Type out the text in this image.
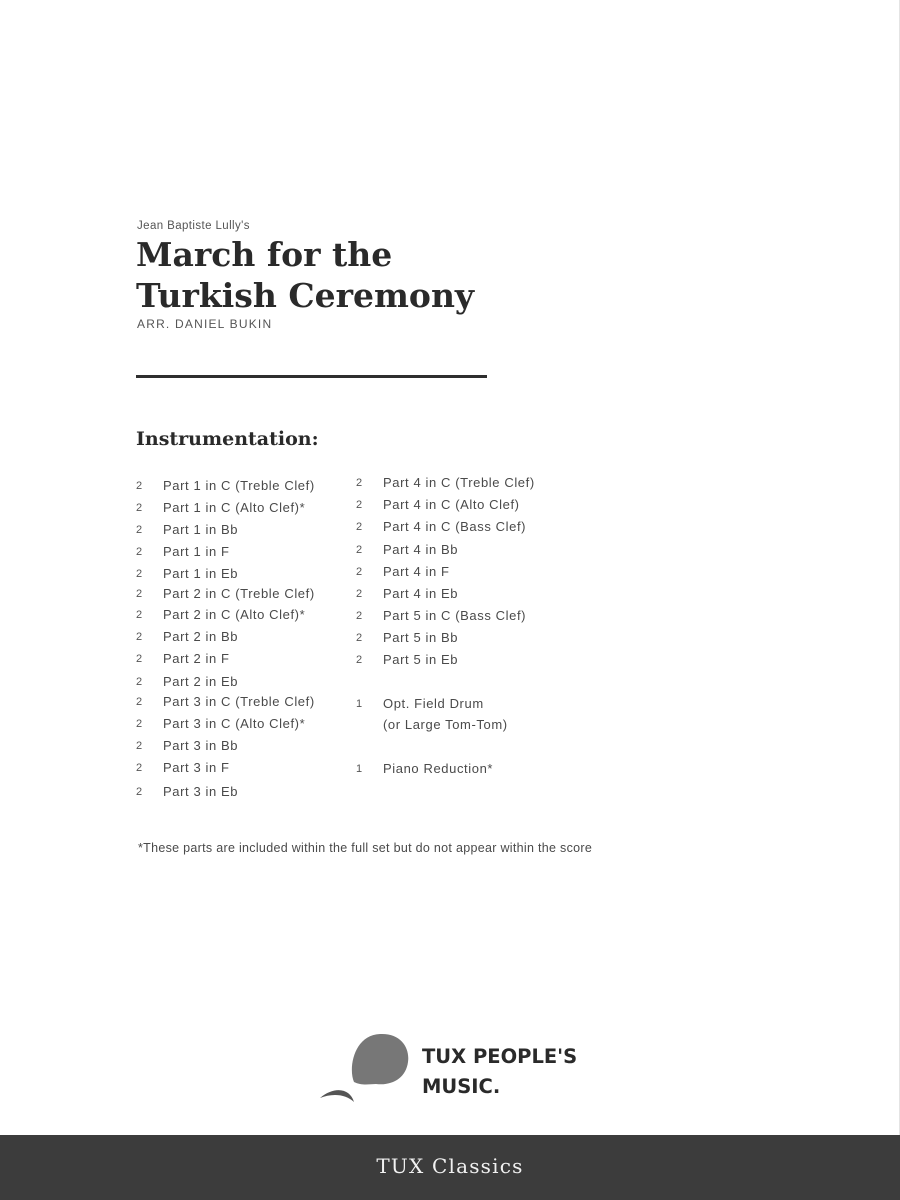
Jean Baptiste Lully's
March for the
Turkish Ceremony
ARR. DANIEL BUKIN
Instrumentation:
2 Part 1 in C (Treble Clef)
2 Part 1 in C (Alto Clef)*
2 Part 1 in Bb
2 Part 1 in F
2 Part 1 in Eb
2 Part 2 in C (Treble Clef)
2 Part 2 in C (Alto Clef)*
2 Part 2 in Bb
2 Part 2 in F
2 Part 2 in Eb
2 Part 3 in C (Treble Clef)
2 Part 3 in C (Alto Clef)*
2 Part 3 in Bb
2 Part 3 in F
2 Part 3 in Eb
2 Part 4 in C (Treble Clef)
2 Part 4 in C (Alto Clef)
2 Part 4 in C (Bass Clef)
2 Part 4 in Bb
2 Part 4 in F
2 Part 4 in Eb
2 Part 5 in C (Bass Clef)
2 Part 5 in Bb
2 Part 5 in Eb
1 Opt. Field Drum
(or Large Tom-Tom)
1 Piano Reduction*
*These parts are included within the full set but do not appear within the score
TUX PEOPLE'S
MUSIC.
TUX Classics
